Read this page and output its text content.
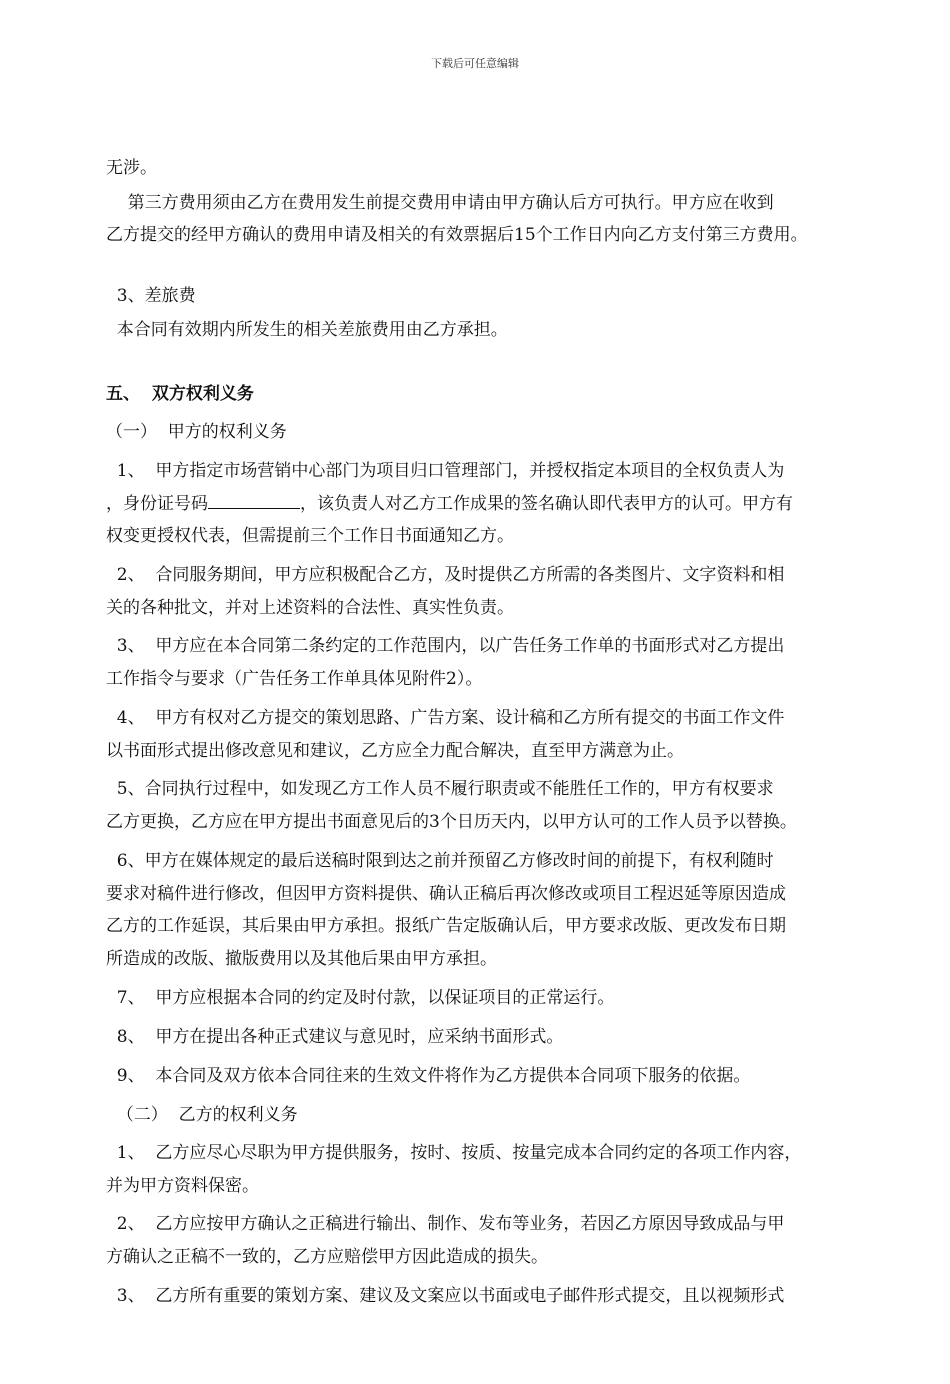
下载后可任意编辑
无涉。
第三方费用须由乙方在费用发生前提交费用申请由甲方确认后方可执行。甲方应在收到
乙方提交的经甲方确认的费用申请及相关的有效票据后15个工作日内向乙方支付第三方费用。
3、差旅费
本合同有效期内所发生的相关差旅费用由乙方承担。
五、  双方权利义务
（一）  甲方的权利义务
1、  甲方指定市场营销中心部门为项目归口管理部门，并授权指定本项目的全权负责人为
，身份证号码	，该负责人对乙方工作成果的签名确认即代表甲方的认可。甲方有
权变更授权代表，但需提前三个工作日书面通知乙方。
2、  合同服务期间，甲方应积极配合乙方，及时提供乙方所需的各类图片、文字资料和相
关的各种批文，并对上述资料的合法性、真实性负责。
3、  甲方应在本合同第二条约定的工作范围内，以广告任务工作单的书面形式对乙方提出
工作指令与要求（广告任务工作单具体见附件2）。
4、  甲方有权对乙方提交的策划思路、广告方案、设计稿和乙方所有提交的书面工作文件
以书面形式提出修改意见和建议，乙方应全力配合解决，直至甲方满意为止。
5、合同执行过程中，如发现乙方工作人员不履行职责或不能胜任工作的，甲方有权要求
乙方更换，乙方应在甲方提出书面意见后的3个日历天内，以甲方认可的工作人员予以替换。
6、甲方在媒体规定的最后送稿时限到达之前并预留乙方修改时间的前提下，有权利随时
要求对稿件进行修改，但因甲方资料提供、确认正稿后再次修改或项目工程迟延等原因造成
乙方的工作延误，其后果由甲方承担。报纸广告定版确认后，甲方要求改版、更改发布日期
所造成的改版、撤版费用以及其他后果由甲方承担。
7、  甲方应根据本合同的约定及时付款，以保证项目的正常运行。
8、  甲方在提出各种正式建议与意见时，应采纳书面形式。
9、  本合同及双方依本合同往来的生效文件将作为乙方提供本合同项下服务的依据。
（二）  乙方的权利义务
1、  乙方应尽心尽职为甲方提供服务，按时、按质、按量完成本合同约定的各项工作内容，
并为甲方资料保密。
2、  乙方应按甲方确认之正稿进行输出、制作、发布等业务，若因乙方原因导致成品与甲
方确认之正稿不一致的，乙方应赔偿甲方因此造成的损失。
3、  乙方所有重要的策划方案、建议及文案应以书面或电子邮件形式提交，且以视频形式
